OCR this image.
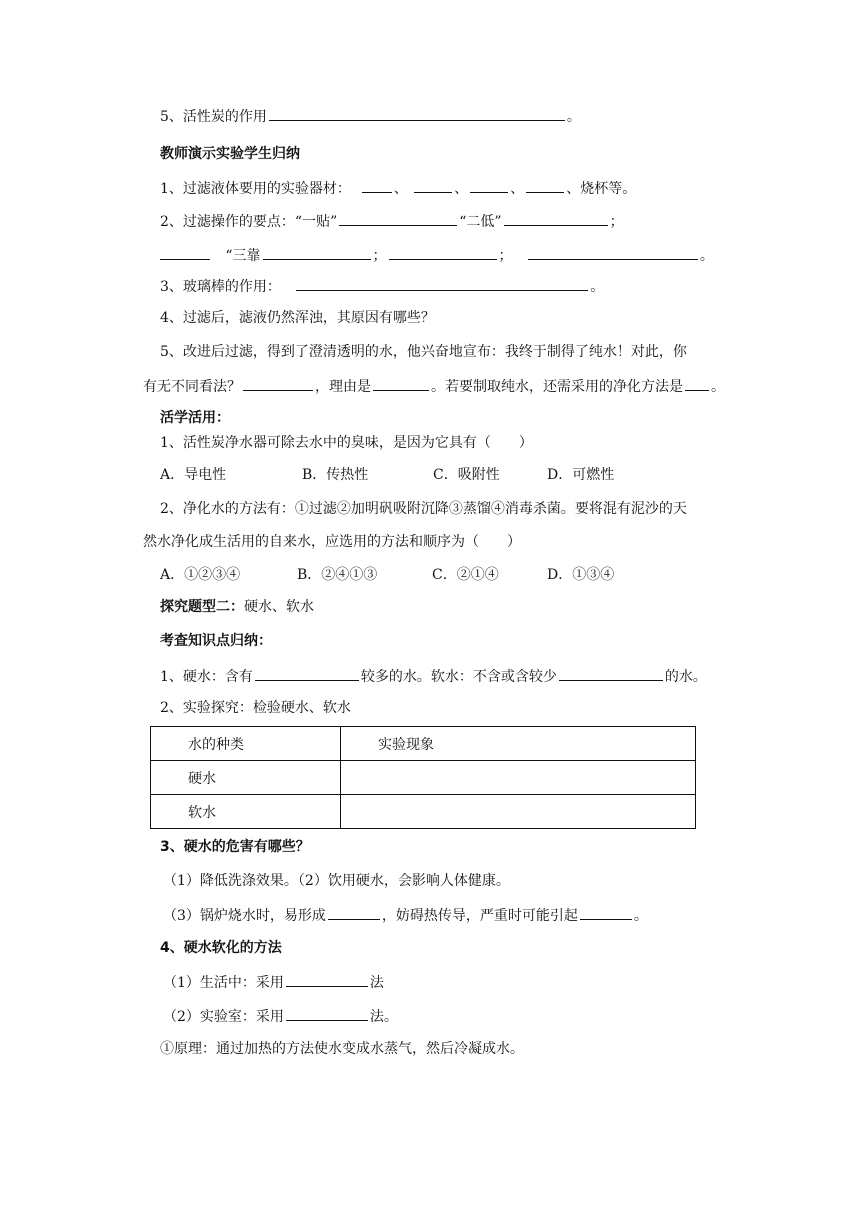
5、活性炭的作用	。
教师演示实验学生归纳
1、过滤液体要用的实验器材：	、	、	、	、烧杯等。
2、过滤操作的要点：“一贴”	“二低”	；
“三靠	；	；	。
3、玻璃棒的作用：	。
4、过滤后，滤液仍然浑浊，其原因有哪些？
5、改进后过滤，得到了澄清透明的水，他兴奋地宣布：我终于制得了纯水！对此，你
有无不同看法？	，理由是	。若要制取纯水，还需采用的净化方法是 。
活学活用：
1、活性炭净水器可除去水中的臭味，是因为它具有（　　）
A．导电性	B．传热性	C．吸附性	D．可燃性
2、净化水的方法有：①过滤②加明矾吸附沉降③蒸馏④消毒杀菌。要将混有泥沙的天
然水净化成生活用的自来水，应选用的方法和顺序为（　　）
A．①②③④	B．②④①③	C．②①④	D．①③④
探究题型二：硬水、软水
考查知识点归纳：
1、硬水：含有	较多的水。软水：不含或含较少	的水。
2、实验探究：检验硬水、软水
水的种类	实验现象
硬水	
软水	
3、硬水的危害有哪些？
（1）降低洗涤效果。（2）饮用硬水，会影响人体健康。
（3）锅炉烧水时，易形成	，妨碍热传导，严重时可能引起	。
4、硬水软化的方法
（1）生活中：采用	法
（2）实验室：采用	法。
①原理：通过加热的方法使水变成水蒸气，然后冷凝成水。
